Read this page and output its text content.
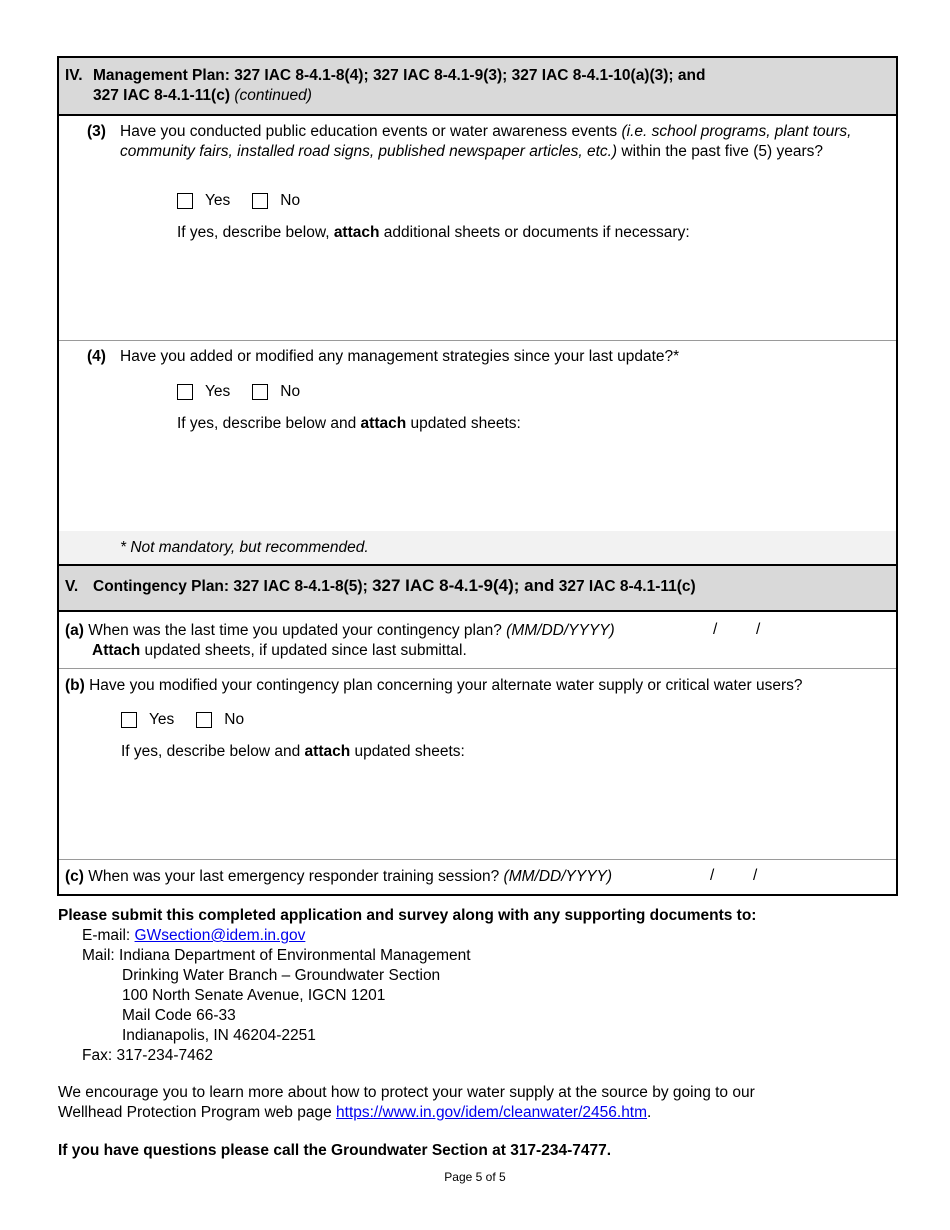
IV. Management Plan: 327 IAC 8-4.1-8(4); 327 IAC 8-4.1-9(3); 327 IAC 8-4.1-10(a)(3); and
327 IAC 8-4.1-11(c) (continued)
(3) Have you conducted public education events or water awareness events (i.e. school programs, plant tours, community fairs, installed road signs, published newspaper articles, etc.) within the past five (5) years?
Yes	No
If yes, describe below, attach additional sheets or documents if necessary:
(4) Have you added or modified any management strategies since your last update?*
Yes	No
If yes, describe below and attach updated sheets:
* Not mandatory, but recommended.
V. Contingency Plan: 327 IAC 8-4.1-8(5); 327 IAC 8-4.1-9(4); and 327 IAC 8-4.1-11(c)
(a) When was the last time you updated your contingency plan? (MM/DD/YYYY)	/ /
Attach updated sheets, if updated since last submittal.
(b) Have you modified your contingency plan concerning your alternate water supply or critical water users?
Yes	No
If yes, describe below and attach updated sheets:
(c) When was your last emergency responder training session? (MM/DD/YYYY)	/ /
Please submit this completed application and survey along with any supporting documents to:
E-mail: GWsection@idem.in.gov
Mail: Indiana Department of Environmental Management
Drinking Water Branch – Groundwater Section
100 North Senate Avenue, IGCN 1201
Mail Code 66-33
Indianapolis, IN 46204-2251
Fax: 317-234-7462
We encourage you to learn more about how to protect your water supply at the source by going to our
Wellhead Protection Program web page https://www.in.gov/idem/cleanwater/2456.htm.
If you have questions please call the Groundwater Section at 317-234-7477.
Page 5 of 5
